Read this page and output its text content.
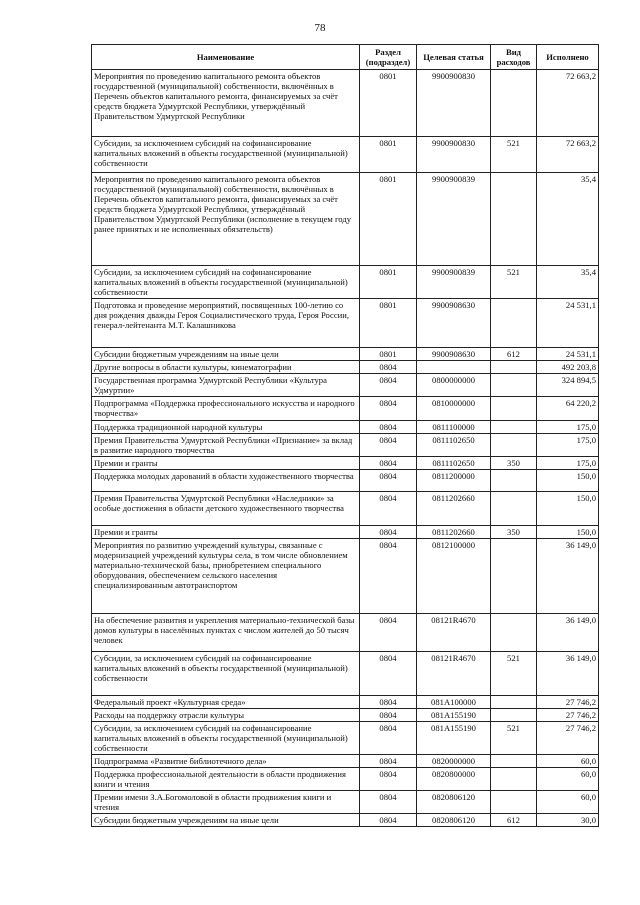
78
Наименование	Раздел (подраздел)	Целевая статья	Вид расходов	Исполнено
Мероприятия по проведению капитального ремонта объектов государственной (муниципальной) собственности, включённых в Перечень объектов капитального ремонта, финансируемых за счёт средств бюджета Удмуртской Республики, утверждённый Правительством Удмуртской Республики	0801	9900900830		72 663,2
Субсидии, за исключением субсидий на софинансирование капитальных вложений в объекты государственной (муниципальной) собственности	0801	9900900830	521	72 663,2
Мероприятия по проведению капитального ремонта объектов государственной (муниципальной) собственности, включённых в Перечень объектов капитального ремонта, финансируемых за счёт средств бюджета Удмуртской Республики, утверждённый Правительством Удмуртской Республики (исполнение в текущем году ранее принятых и не исполненных обязательств)	0801	9900900839		35,4
Субсидии, за исключением субсидий на софинансирование капитальных вложений в объекты государственной (муниципальной) собственности	0801	9900900839	521	35,4
Подготовка и проведение мероприятий, посвященных 100-летию со дня рождения дважды Героя Социалистического труда, Героя России, генерал-лейтенанта М.Т. Калашникова	0801	9900908630		24 531,1
Субсидии бюджетным учреждениям на иные цели	0801	9900908630	612	24 531,1
Другие вопросы в области культуры, кинематографии	0804			492 203,8
Государственная программа Удмуртской Республики «Культура Удмуртии»	0804	0800000000		324 894,5
Подпрограмма «Поддержка профессионального искусства и народного творчества»	0804	0810000000		64 220,2
Поддержка традиционной народной культуры	0804	0811100000		175,0
Премия Правительства Удмуртской Республики «Признание» за вклад в развитие народного творчества	0804	0811102650		175,0
Премии и гранты	0804	0811102650	350	175,0
Поддержка молодых дарований в области художественного творчества	0804	0811200000		150,0
Премия Правительства Удмуртской Республики «Наследники» за особые достижения в области детского художественного творчества	0804	0811202660		150,0
Премии и гранты	0804	0811202660	350	150,0
Мероприятия по развитию учреждений культуры, связанные с модернизацией учреждений культуры села, в том числе обновлением материально-технической базы, приобретением специального оборудования, обеспечением сельского населения специализированным автотранспортом	0804	0812100000		36 149,0
На обеспечение развития и укрепления материально-технической базы домов культуры в населённых пунктах с числом жителей до 50 тысяч человек	0804	08121R4670		36 149,0
Субсидии, за исключением субсидий на софинансирование капитальных вложений в объекты государственной (муниципальной) собственности	0804	08121R4670	521	36 149,0
Федеральный проект «Культурная среда»	0804	081A100000		27 746,2
Расходы на поддержку отрасли культуры	0804	081A155190		27 746,2
Субсидии, за исключением субсидий на софинансирование капитальных вложений в объекты государственной (муниципальной) собственности	0804	081A155190	521	27 746,2
Подпрограмма «Развитие библиотечного дела»	0804	0820000000		60,0
Поддержка профессиональной деятельности в области продвижения книги и чтения	0804	0820800000		60,0
Премии имени З.А.Богомоловой в области продвижения книги и чтения	0804	0820806120		60,0
Субсидии бюджетным учреждениям на иные цели	0804	0820806120	612	30,0
